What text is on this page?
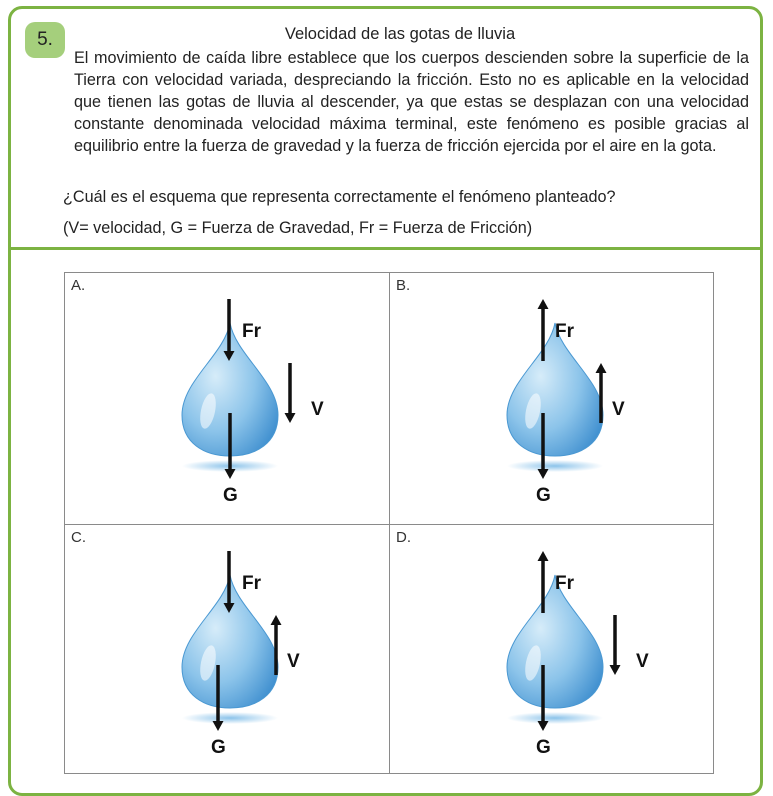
5.	Velocidad de las gotas de lluvia

El movimiento de caída libre establece que los cuerpos descienden sobre la superficie de la Tierra con velocidad variada, despreciando la fricción. Esto no es aplicable en la velocidad que tienen las gotas de lluvia al descender, ya que estas se desplazan con una velocidad constante denominada velocidad máxima terminal, este fenómeno es posible gracias al equilibrio entre la fuerza de gravedad y la fuerza de fricción ejercida por el aire en la gota.

¿Cuál es el esquema que representa correctamente el fenómeno planteado?

(V= velocidad, G = Fuerza de Gravedad, Fr = Fuerza de Fricción)

A.
Fr
V
G
B.
Fr
V
G
C.
Fr
V
G
D.
Fr
V
G
